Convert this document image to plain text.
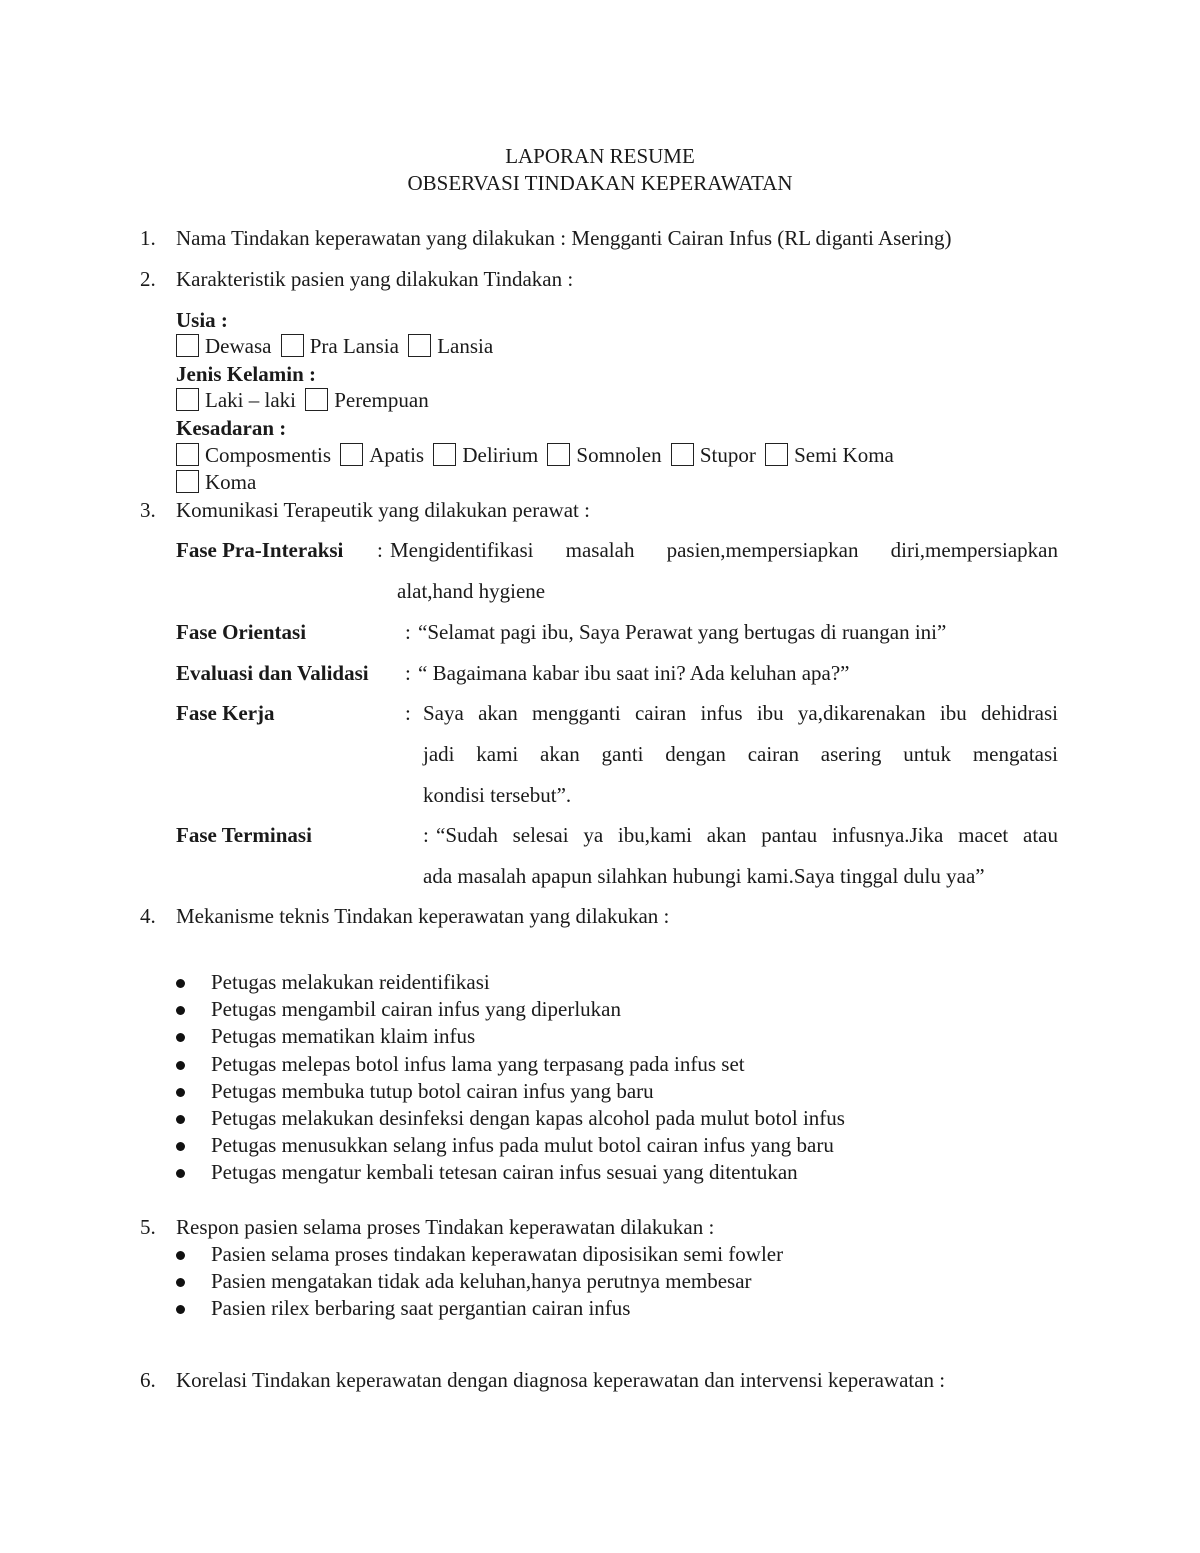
LAPORAN RESUME
OBSERVASI TINDAKAN KEPERAWATAN
1. Nama Tindakan keperawatan yang dilakukan : Mengganti Cairan Infus (RL diganti Asering)
2. Karakteristik pasien yang dilakukan Tindakan :
Usia :
Dewasa Pra Lansia Lansia
Jenis Kelamin :
Laki – laki Perempuan
Kesadaran :
Composmentis Apatis Delirium Somnolen Stupor Semi Koma
Koma
3. Komunikasi Terapeutik yang dilakukan perawat :
Fase Pra-Interaksi : Mengidentifikasi masalah pasien,mempersiapkan diri,mempersiapkan
alat,hand hygiene
Fase Orientasi	: “Selamat pagi ibu, Saya Perawat yang bertugas di ruangan ini”
Evaluasi dan Validasi : “ Bagaimana kabar ibu saat ini? Ada keluhan apa?”
Fase Kerja	: Saya akan mengganti cairan infus ibu ya,dikarenakan ibu dehidrasi
jadi kami akan ganti dengan cairan asering untuk mengatasi
kondisi tersebut”.
Fase Terminasi	: “Sudah selesai ya ibu,kami akan pantau infusnya.Jika macet atau
ada masalah apapun silahkan hubungi kami.Saya tinggal dulu yaa”
4. Mekanisme teknis Tindakan keperawatan yang dilakukan :
Petugas melakukan reidentifikasi
Petugas mengambil cairan infus yang diperlukan
Petugas mematikan klaim infus
Petugas melepas botol infus lama yang terpasang pada infus set
Petugas membuka tutup botol cairan infus yang baru
Petugas melakukan desinfeksi dengan kapas alcohol pada mulut botol infus
Petugas menusukkan selang infus pada mulut botol cairan infus yang baru
Petugas mengatur kembali tetesan cairan infus sesuai yang ditentukan
5. Respon pasien selama proses Tindakan keperawatan dilakukan :
Pasien selama proses tindakan keperawatan diposisikan semi fowler
Pasien mengatakan tidak ada keluhan,hanya perutnya membesar
Pasien rilex berbaring saat pergantian cairan infus
6. Korelasi Tindakan keperawatan dengan diagnosa keperawatan dan intervensi keperawatan :
